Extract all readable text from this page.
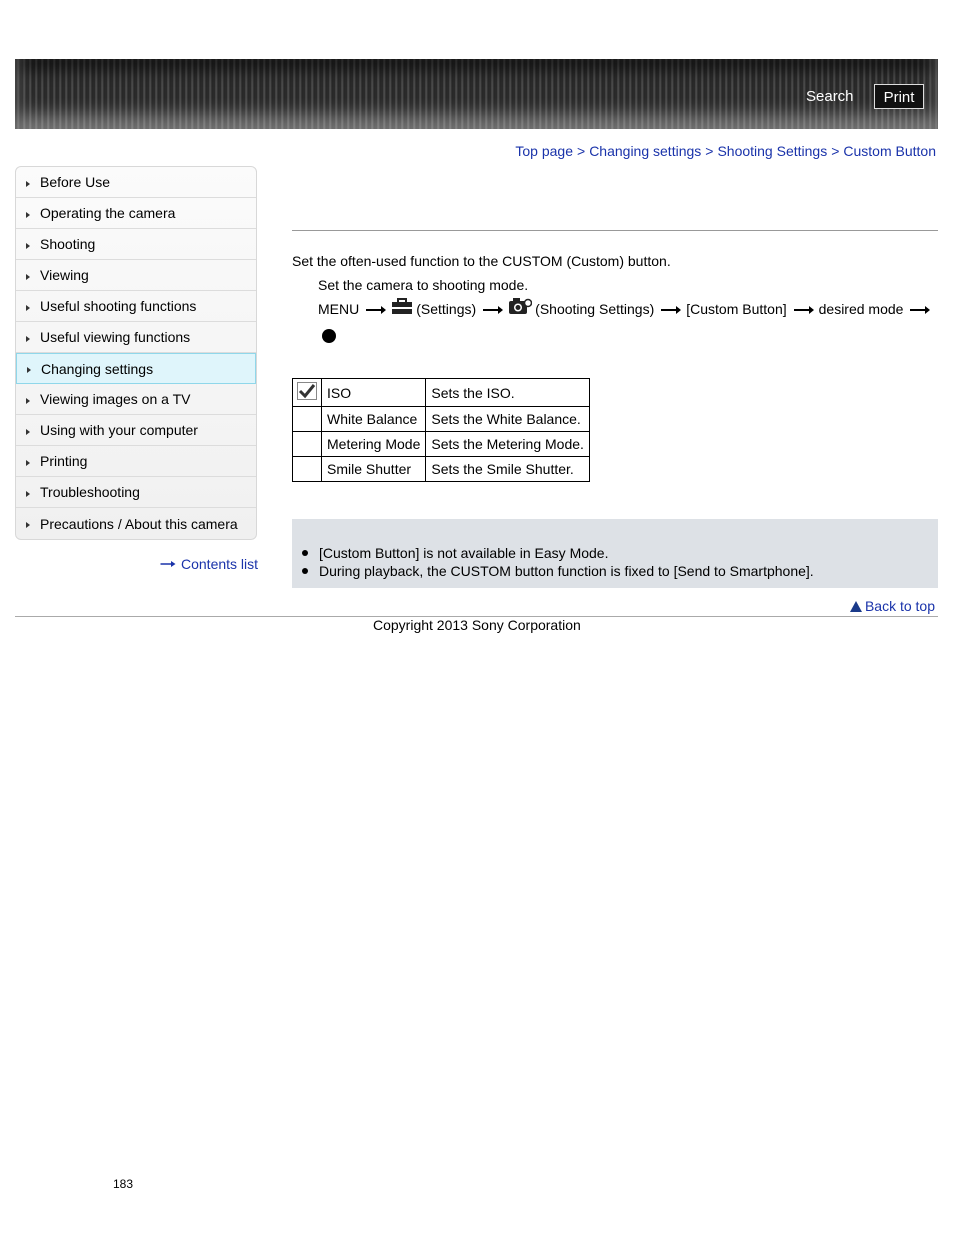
Search	Print
Top page > Changing settings > Shooting Settings > Custom Button
Before Use
Operating the camera
Shooting
Viewing
Useful shooting functions
Useful viewing functions
Changing settings
Viewing images on a TV
Using with your computer
Printing
Troubleshooting
Precautions / About this camera
Contents list
Set the often-used function to the CUSTOM (Custom) button.
Set the camera to shooting mode.
MENU	(Settings)	(Shooting Settings) [Custom Button] desired mode
	ISO	Sets the ISO.
	White Balance	Sets the White Balance.
	Metering Mode	Sets the Metering Mode.
	Smile Shutter	Sets the Smile Shutter.
[Custom Button] is not available in Easy Mode.
During playback, the CUSTOM button function is fixed to [Send to Smartphone].
Back to top
Copyright 2013 Sony Corporation
183
